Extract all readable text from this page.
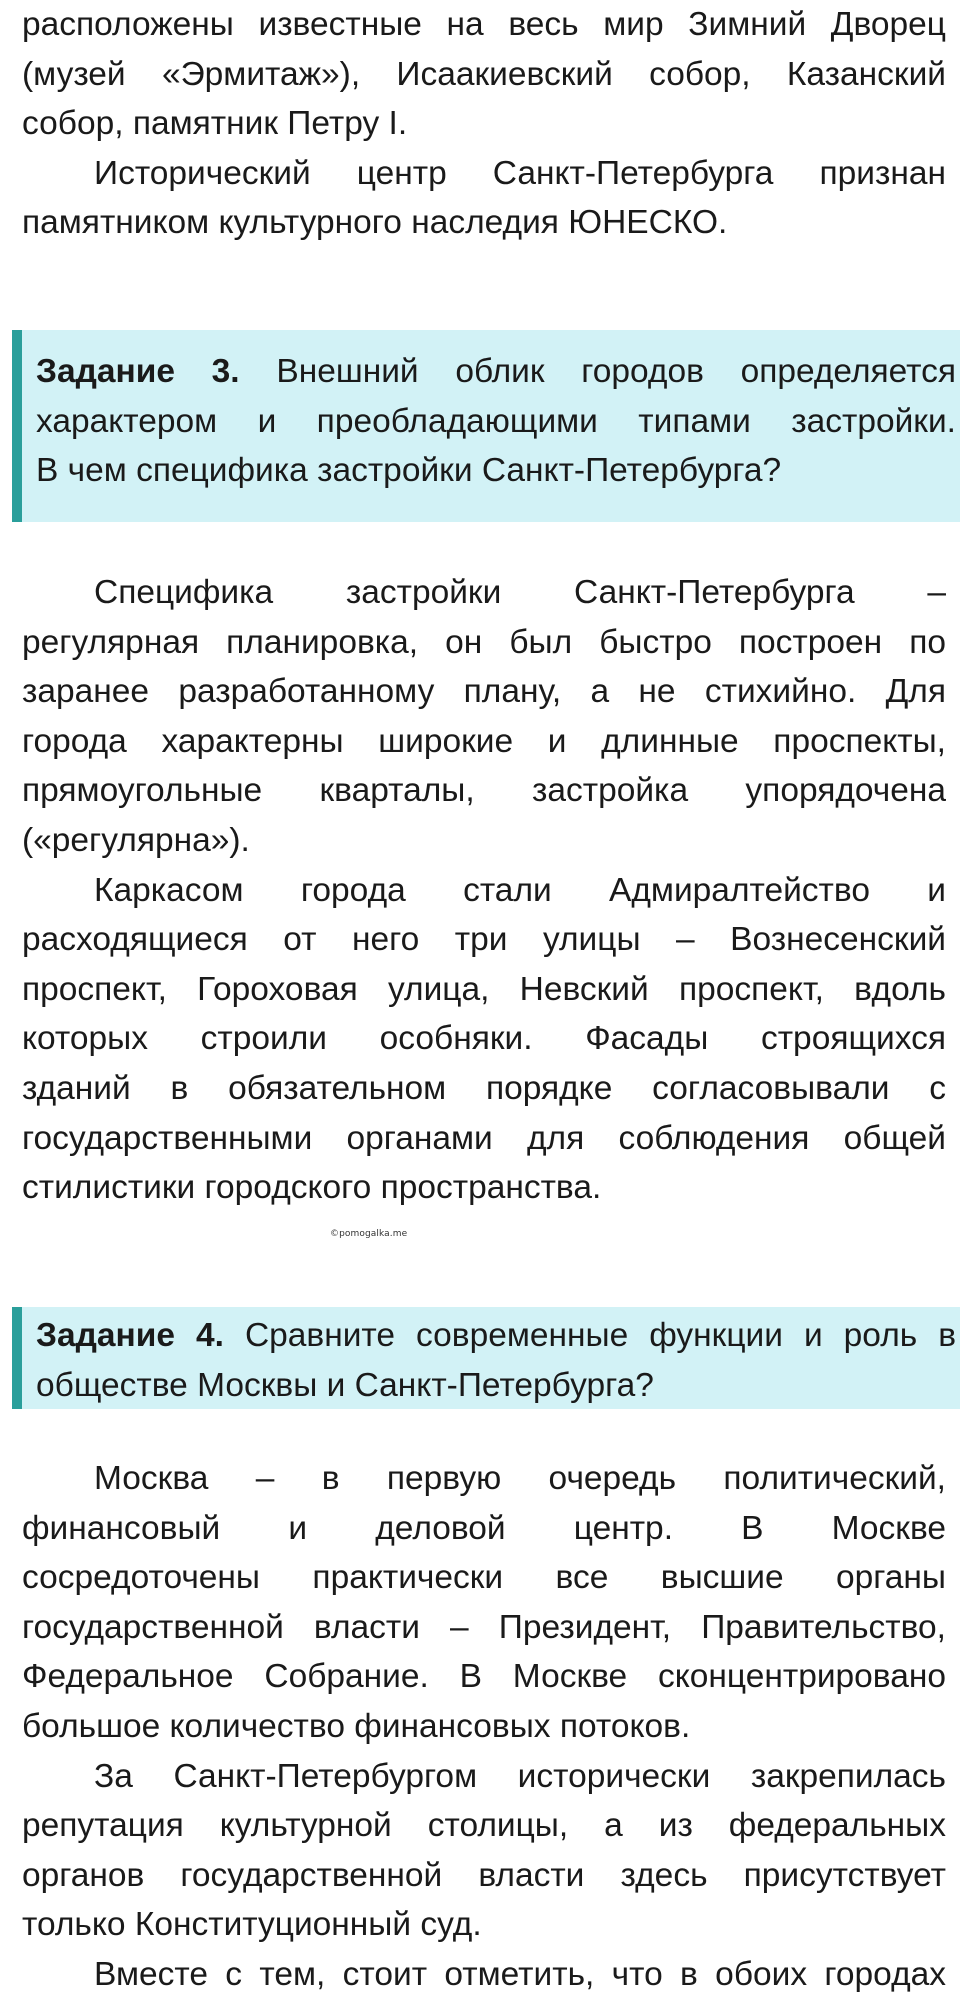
расположены известные на весь мир Зимний Дворец
(музей «Эрмитаж»), Исаакиевский собор, Казанский
собор, памятник Петру I.
Исторический центр Санкт-Петербурга признан
памятником культурного наследия ЮНЕСКО.
Задание 3. Внешний облик городов определяется
характером и преобладающими типами застройки.
В чем специфика застройки Санкт-Петербурга?
Специфика застройки Санкт-Петербурга –
регулярная планировка, он был быстро построен по
заранее разработанному плану, а не стихийно. Для
города характерны широкие и длинные проспекты,
прямоугольные кварталы, застройка упорядочена
(«регулярна»).
Каркасом города стали Адмиралтейство и
расходящиеся от него три улицы – Вознесенский
проспект, Гороховая улица, Невский проспект, вдоль
которых строили особняки. Фасады строящихся
зданий в обязательном порядке согласовывали с
государственными органами для соблюдения общей
стилистики городского пространства.
©pomogalka.me
Задание 4. Сравните современные функции и роль в
обществе Москвы и Санкт-Петербурга?
Москва – в первую очередь политический,
финансовый и деловой центр. В Москве
сосредоточены практически все высшие органы
государственной власти – Президент, Правительство,
Федеральное Собрание. В Москве сконцентрировано
большое количество финансовых потоков.
За Санкт-Петербургом исторически закрепилась
репутация культурной столицы, а из федеральных
органов государственной власти здесь присутствует
только Конституционный суд.
Вместе с тем, стоит отметить, что в обоих городах
